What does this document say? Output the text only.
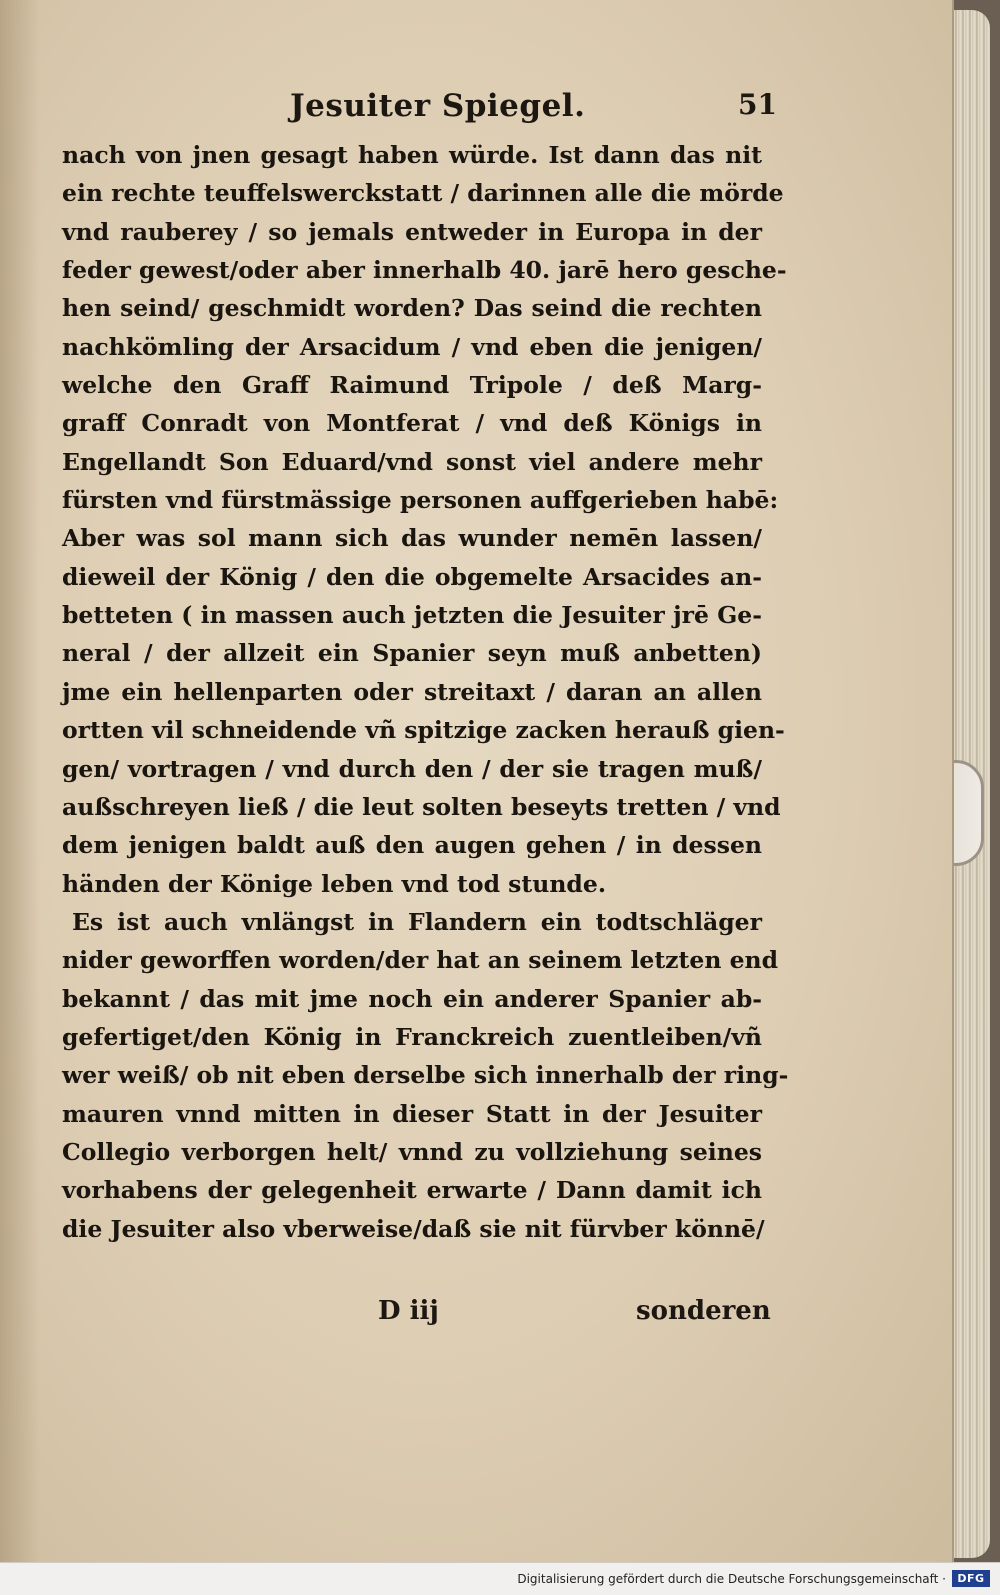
Jesuiter Spiegel.	51
nach von jnen gesagt haben würde. Ist dann das nit
ein rechte teuffelswerckstatt / darinnen alle die mörde
vnd rauberey / so jemals entweder in Europa in der
feder gewest/oder aber innerhalb 40. jarē hero gesche-
hen seind/ geschmidt worden? Das seind die rechten
nachkömling der Arsacidum / vnd eben die jenigen/
welche den Graff Raimund Tripole / deß Marg-
graff Conradt von Montferat / vnd deß Königs in
Engellandt Son Eduard/vnd sonst viel andere mehr
fürsten vnd fürstmässige personen auffgerieben habē:
Aber was sol mann sich das wunder nemēn lassen/
dieweil der König / den die obgemelte Arsacides an-
betteten ( in massen auch jetzten die Jesuiter jrē Ge-
neral / der allzeit ein Spanier seyn muß anbetten)
jme ein hellenparten oder streitaxt / daran an allen
ortten vil schneidende vñ spitzige zacken herauß gien-
gen/ vortragen / vnd durch den / der sie tragen muß/
außschreyen ließ / die leut solten beseyts tretten / vnd
dem jenigen baldt auß den augen gehen / in dessen
händen der Könige leben vnd tod stunde.
Es ist auch vnlängst in Flandern ein todtschläger
nider geworffen worden/der hat an seinem letzten end
bekannt / das mit jme noch ein anderer Spanier ab-
gefertiget/den König in Franckreich zuentleiben/vñ
wer weiß/ ob nit eben derselbe sich innerhalb der ring-
mauren vnnd mitten in dieser Statt in der Jesuiter
Collegio verborgen helt/ vnnd zu vollziehung seines
vorhabens der gelegenheit erwarte / Dann damit ich
die Jesuiter also vberweise/daß sie nit fürvber könnē/
D iij	sonderen
Digitalisierung gefördert durch die Deutsche Forschungsgemeinschaft ·	DFG
